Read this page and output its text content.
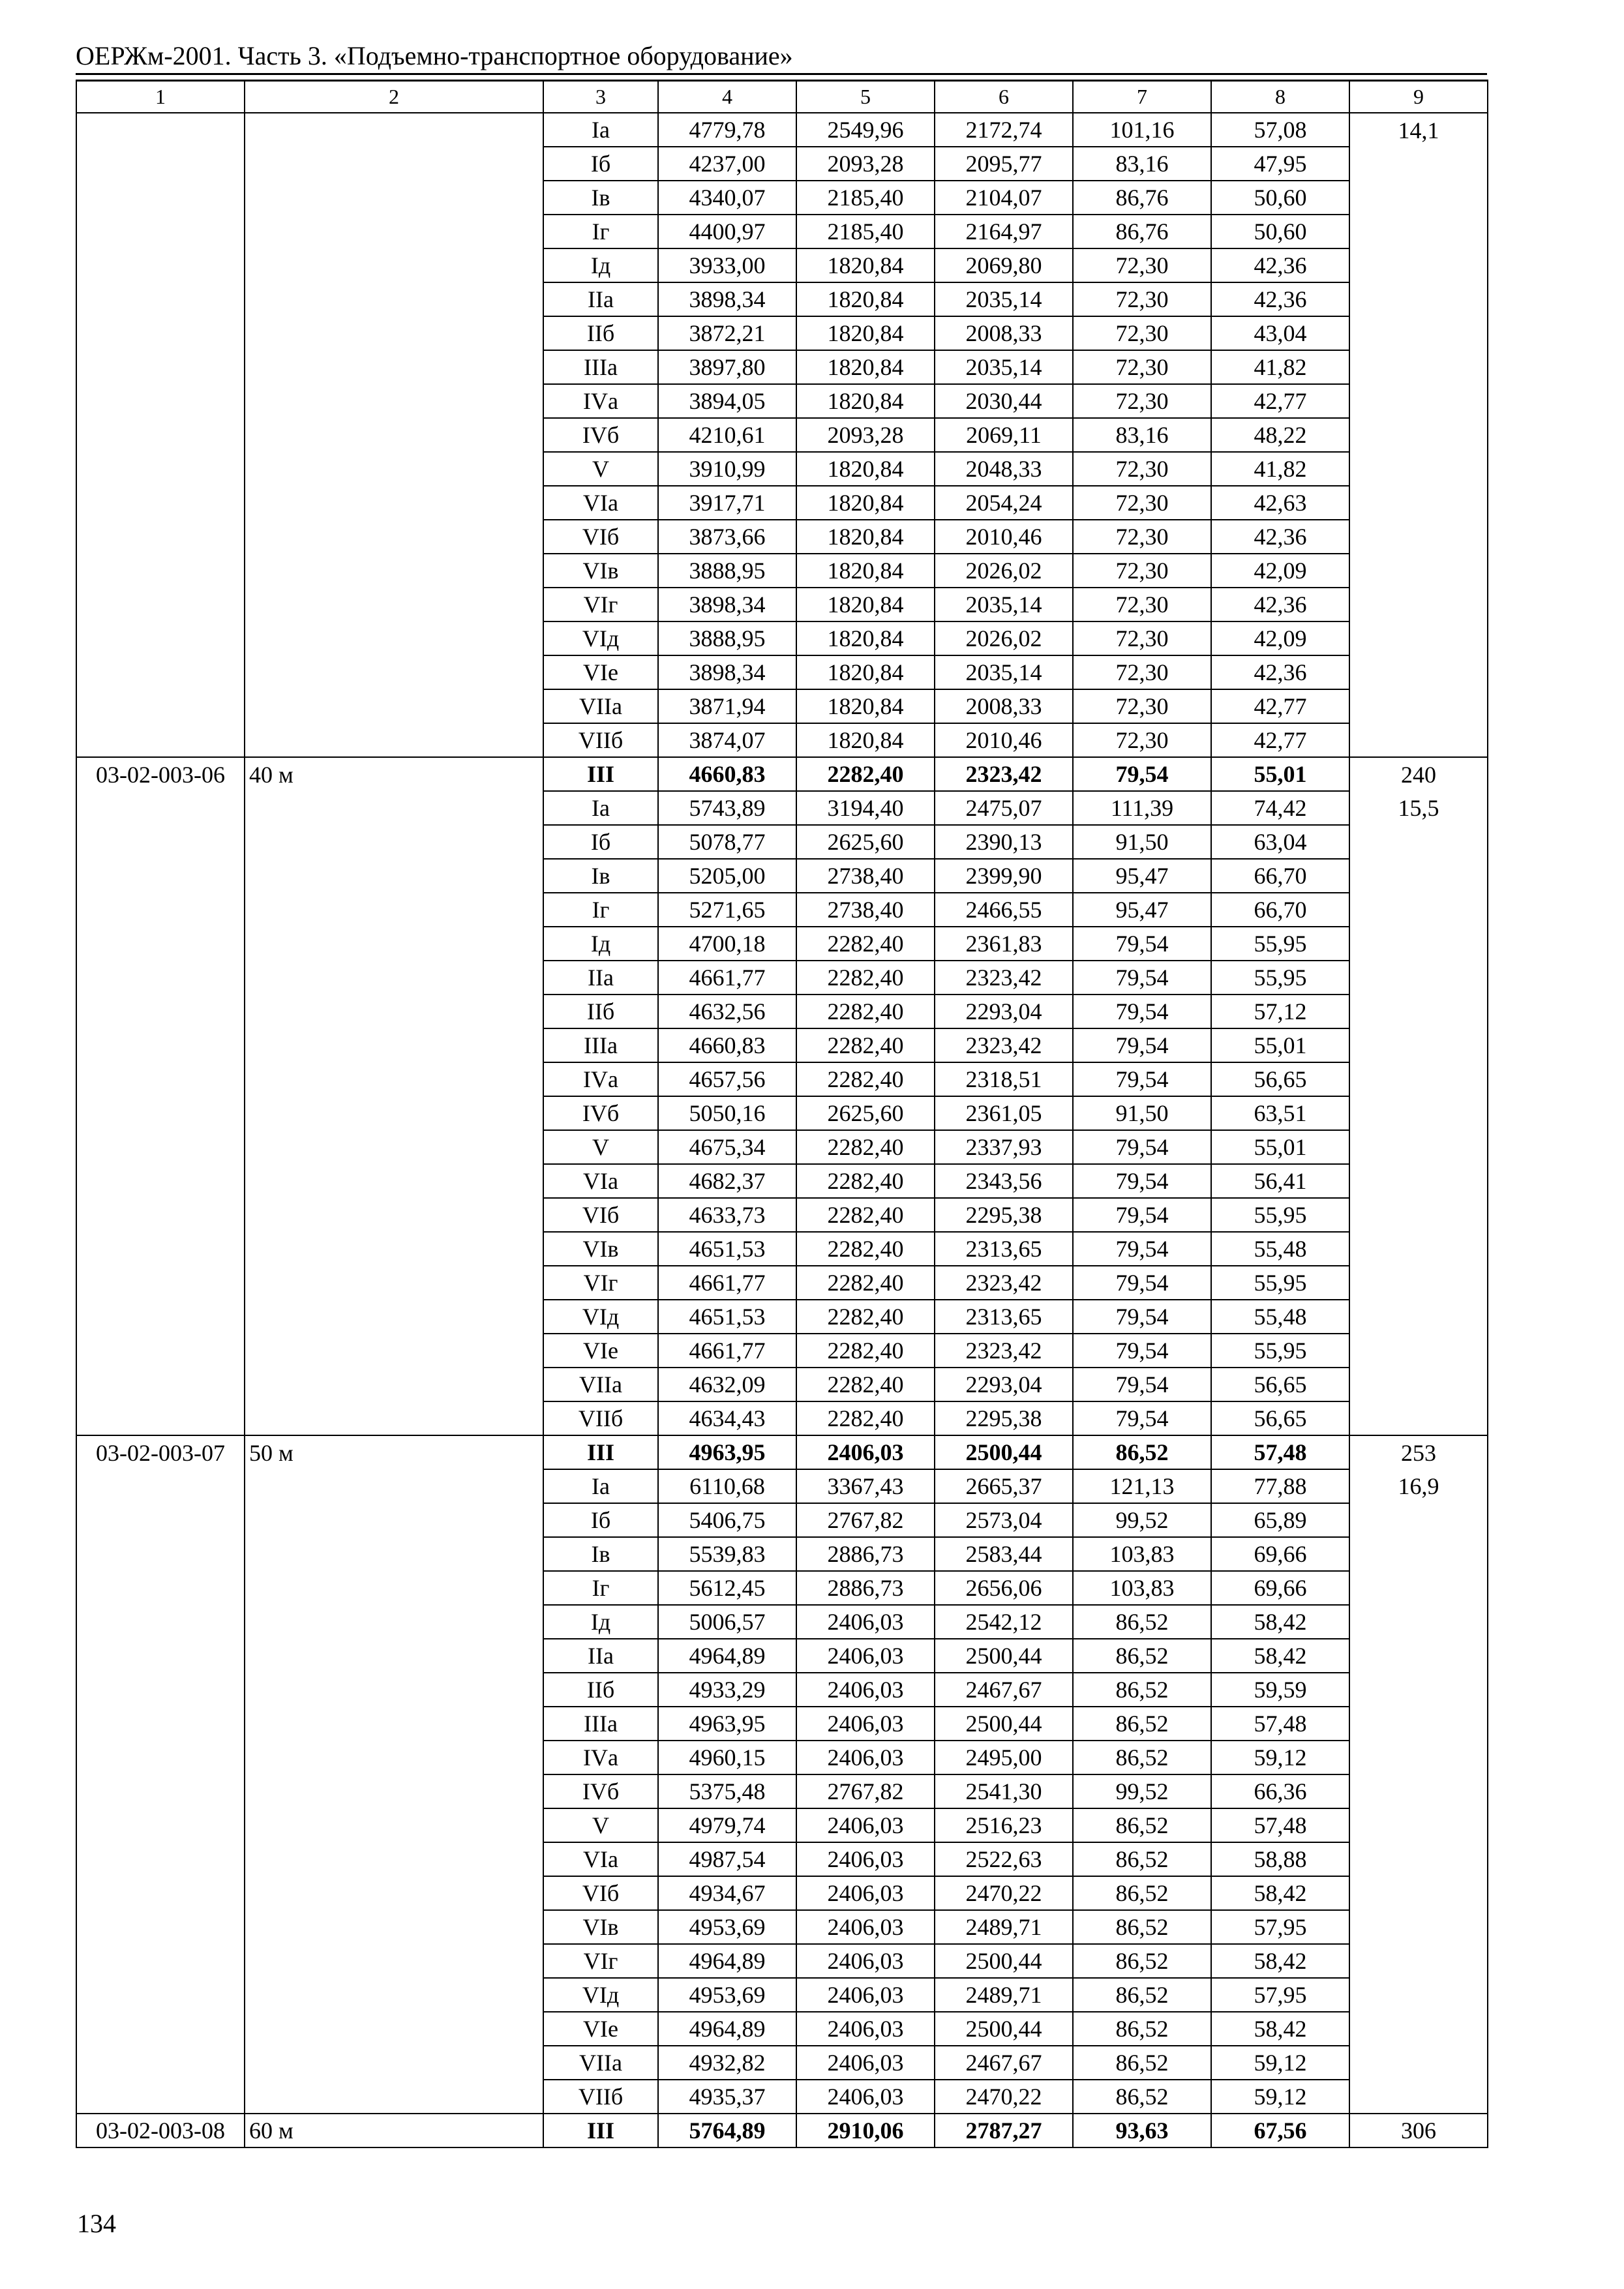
ОЕРЖм-2001. Часть 3. «Подъемно-транспортное оборудование»
1	2	3	4	5	6	7	8	9
		Iа	4779,78	2549,96	2172,74	101,16	57,08	14,1
		Iб	4237,00	2093,28	2095,77	83,16	47,95	
		Iв	4340,07	2185,40	2104,07	86,76	50,60	
		Iг	4400,97	2185,40	2164,97	86,76	50,60	
		Iд	3933,00	1820,84	2069,80	72,30	42,36	
		IIа	3898,34	1820,84	2035,14	72,30	42,36	
		IIб	3872,21	1820,84	2008,33	72,30	43,04	
		IIIа	3897,80	1820,84	2035,14	72,30	41,82	
		IVа	3894,05	1820,84	2030,44	72,30	42,77	
		IVб	4210,61	2093,28	2069,11	83,16	48,22	
		V	3910,99	1820,84	2048,33	72,30	41,82	
		VIа	3917,71	1820,84	2054,24	72,30	42,63	
		VIб	3873,66	1820,84	2010,46	72,30	42,36	
		VIв	3888,95	1820,84	2026,02	72,30	42,09	
		VIг	3898,34	1820,84	2035,14	72,30	42,36	
		VIд	3888,95	1820,84	2026,02	72,30	42,09	
		VIе	3898,34	1820,84	2035,14	72,30	42,36	
		VIIа	3871,94	1820,84	2008,33	72,30	42,77	
		VIIб	3874,07	1820,84	2010,46	72,30	42,77	
03-02-003-06	40 м	III	4660,83	2282,40	2323,42	79,54	55,01	240
		Iа	5743,89	3194,40	2475,07	111,39	74,42	15,5
		Iб	5078,77	2625,60	2390,13	91,50	63,04	
		Iв	5205,00	2738,40	2399,90	95,47	66,70	
		Iг	5271,65	2738,40	2466,55	95,47	66,70	
		Iд	4700,18	2282,40	2361,83	79,54	55,95	
		IIа	4661,77	2282,40	2323,42	79,54	55,95	
		IIб	4632,56	2282,40	2293,04	79,54	57,12	
		IIIа	4660,83	2282,40	2323,42	79,54	55,01	
		IVа	4657,56	2282,40	2318,51	79,54	56,65	
		IVб	5050,16	2625,60	2361,05	91,50	63,51	
		V	4675,34	2282,40	2337,93	79,54	55,01	
		VIа	4682,37	2282,40	2343,56	79,54	56,41	
		VIб	4633,73	2282,40	2295,38	79,54	55,95	
		VIв	4651,53	2282,40	2313,65	79,54	55,48	
		VIг	4661,77	2282,40	2323,42	79,54	55,95	
		VIд	4651,53	2282,40	2313,65	79,54	55,48	
		VIе	4661,77	2282,40	2323,42	79,54	55,95	
		VIIа	4632,09	2282,40	2293,04	79,54	56,65	
		VIIб	4634,43	2282,40	2295,38	79,54	56,65	
03-02-003-07	50 м	III	4963,95	2406,03	2500,44	86,52	57,48	253
		Iа	6110,68	3367,43	2665,37	121,13	77,88	16,9
		Iб	5406,75	2767,82	2573,04	99,52	65,89	
		Iв	5539,83	2886,73	2583,44	103,83	69,66	
		Iг	5612,45	2886,73	2656,06	103,83	69,66	
		Iд	5006,57	2406,03	2542,12	86,52	58,42	
		IIа	4964,89	2406,03	2500,44	86,52	58,42	
		IIб	4933,29	2406,03	2467,67	86,52	59,59	
		IIIа	4963,95	2406,03	2500,44	86,52	57,48	
		IVа	4960,15	2406,03	2495,00	86,52	59,12	
		IVб	5375,48	2767,82	2541,30	99,52	66,36	
		V	4979,74	2406,03	2516,23	86,52	57,48	
		VIа	4987,54	2406,03	2522,63	86,52	58,88	
		VIб	4934,67	2406,03	2470,22	86,52	58,42	
		VIв	4953,69	2406,03	2489,71	86,52	57,95	
		VIг	4964,89	2406,03	2500,44	86,52	58,42	
		VIд	4953,69	2406,03	2489,71	86,52	57,95	
		VIе	4964,89	2406,03	2500,44	86,52	58,42	
		VIIа	4932,82	2406,03	2467,67	86,52	59,12	
		VIIб	4935,37	2406,03	2470,22	86,52	59,12	
03-02-003-08	60 м	III	5764,89	2910,06	2787,27	93,63	67,56	306
134
